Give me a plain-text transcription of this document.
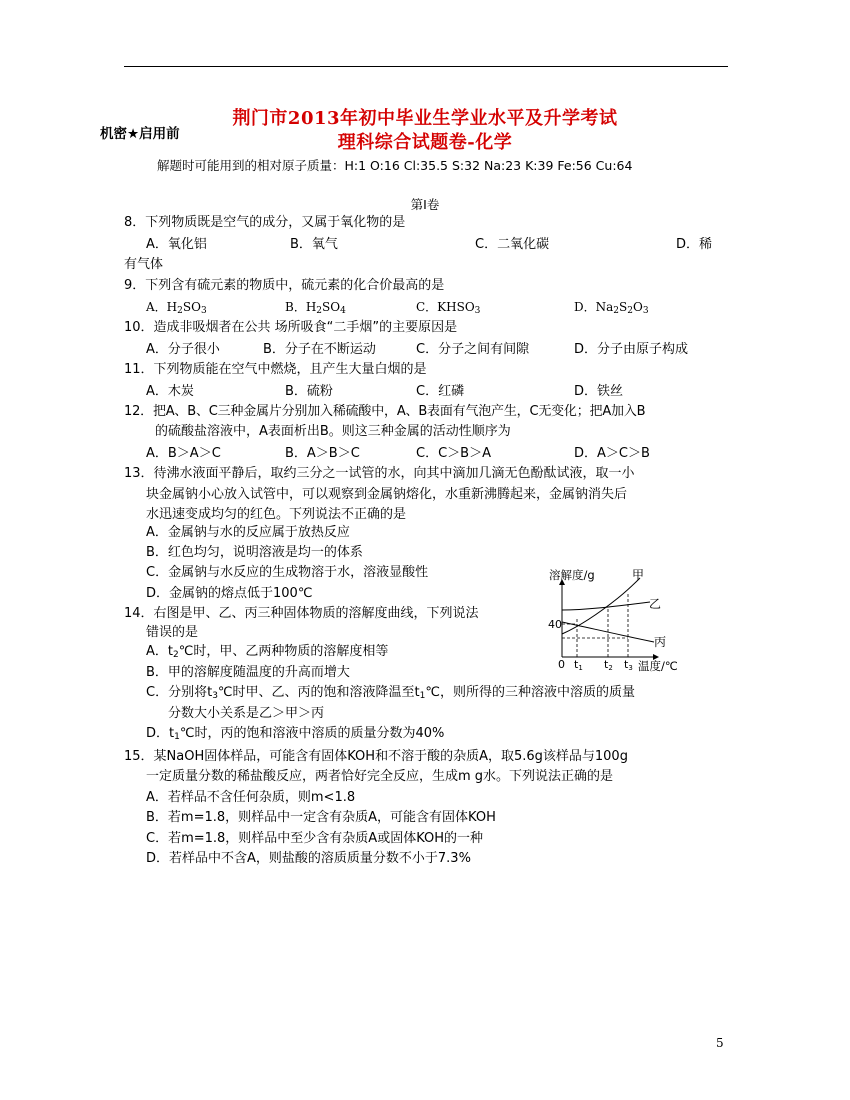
荆门市2013年初中毕业生学业水平及升学考试
机密★启用前	理科综合试题卷-化学
解题时可能用到的相对原子质量：H:1 O:16 Cl:35.5 S:32 Na:23 K:39 Fe:56 Cu:64
第Ⅰ卷
8．下列物质既是空气的成分，又属于氧化物的是
A．氧化铝	B．氧气	C．二氧化碳	D．稀
有气体
9．下列含有硫元素的物质中，硫元素的化合价最高的是
A．$H_2SO_3$	B．$H_2SO_4$	C．$KHSO_3$	D．$Na_2S_2O_3$
10．造成非吸烟者在公共 场所吸食“二手烟”的主要原因是
A．分子很小	B．分子在不断运动	C．分子之间有间隙	D．分子由原子构成
11．下列物质能在空气中燃烧，且产生大量白烟的是
A．木炭	B．硫粉	C．红磷	D．铁丝
12．把A、B、C三种金属片分别加入稀硫酸中，A、B表面有气泡产生，C无变化；把A加入B
的硫酸盐溶液中，A表面析出B。则这三种金属的活动性顺序为
A．B＞A＞C	B．A＞B＞C	C．C＞B＞A	D．A＞C＞B
13．待沸水液面平静后，取约三分之一试管的水，向其中滴加几滴无色酚酞试液，取一小
块金属钠小心放入试管中，可以观察到金属钠熔化，水重新沸腾起来，金属钠消失后
水迅速变成均匀的红色。下列说法不正确的是
A．金属钠与水的反应属于放热反应
B．红色均匀，说明溶液是均一的体系
C．金属钠与水反应的生成物溶于水，溶液显酸性
D．金属钠的熔点低于100℃
14．右图是甲、乙、丙三种固体物质的溶解度曲线，下列说法
错误的是
A．$t_2℃$时，甲、乙两种物质的溶解度相等
B．甲的溶解度随温度的升高而增大
C．分别将$t_3℃$时甲、乙、丙的饱和溶液降温至$t_1℃$，则所得的三种溶液中溶质的质量
分数大小关系是乙＞甲＞丙
D．$t_1℃$时，丙的饱和溶液中溶质的质量分数为40%
溶解度/g
温度/℃
40
0 t1 t2 t3
甲
乙
丙
15．某NaOH固体样品，可能含有固体KOH和不溶于酸的杂质A，取5.6g该样品与100g
一定质量分数的稀盐酸反应，两者恰好完全反应，生成m g水。下列说法正确的是
A．若样品不含任何杂质，则m<1.8
B．若m=1.8，则样品中一定含有杂质A，可能含有固体KOH
C．若m=1.8，则样品中至少含有杂质A或固体KOH的一种
D．若样品中不含A，则盐酸的溶质质量分数不小于7.3%
5
